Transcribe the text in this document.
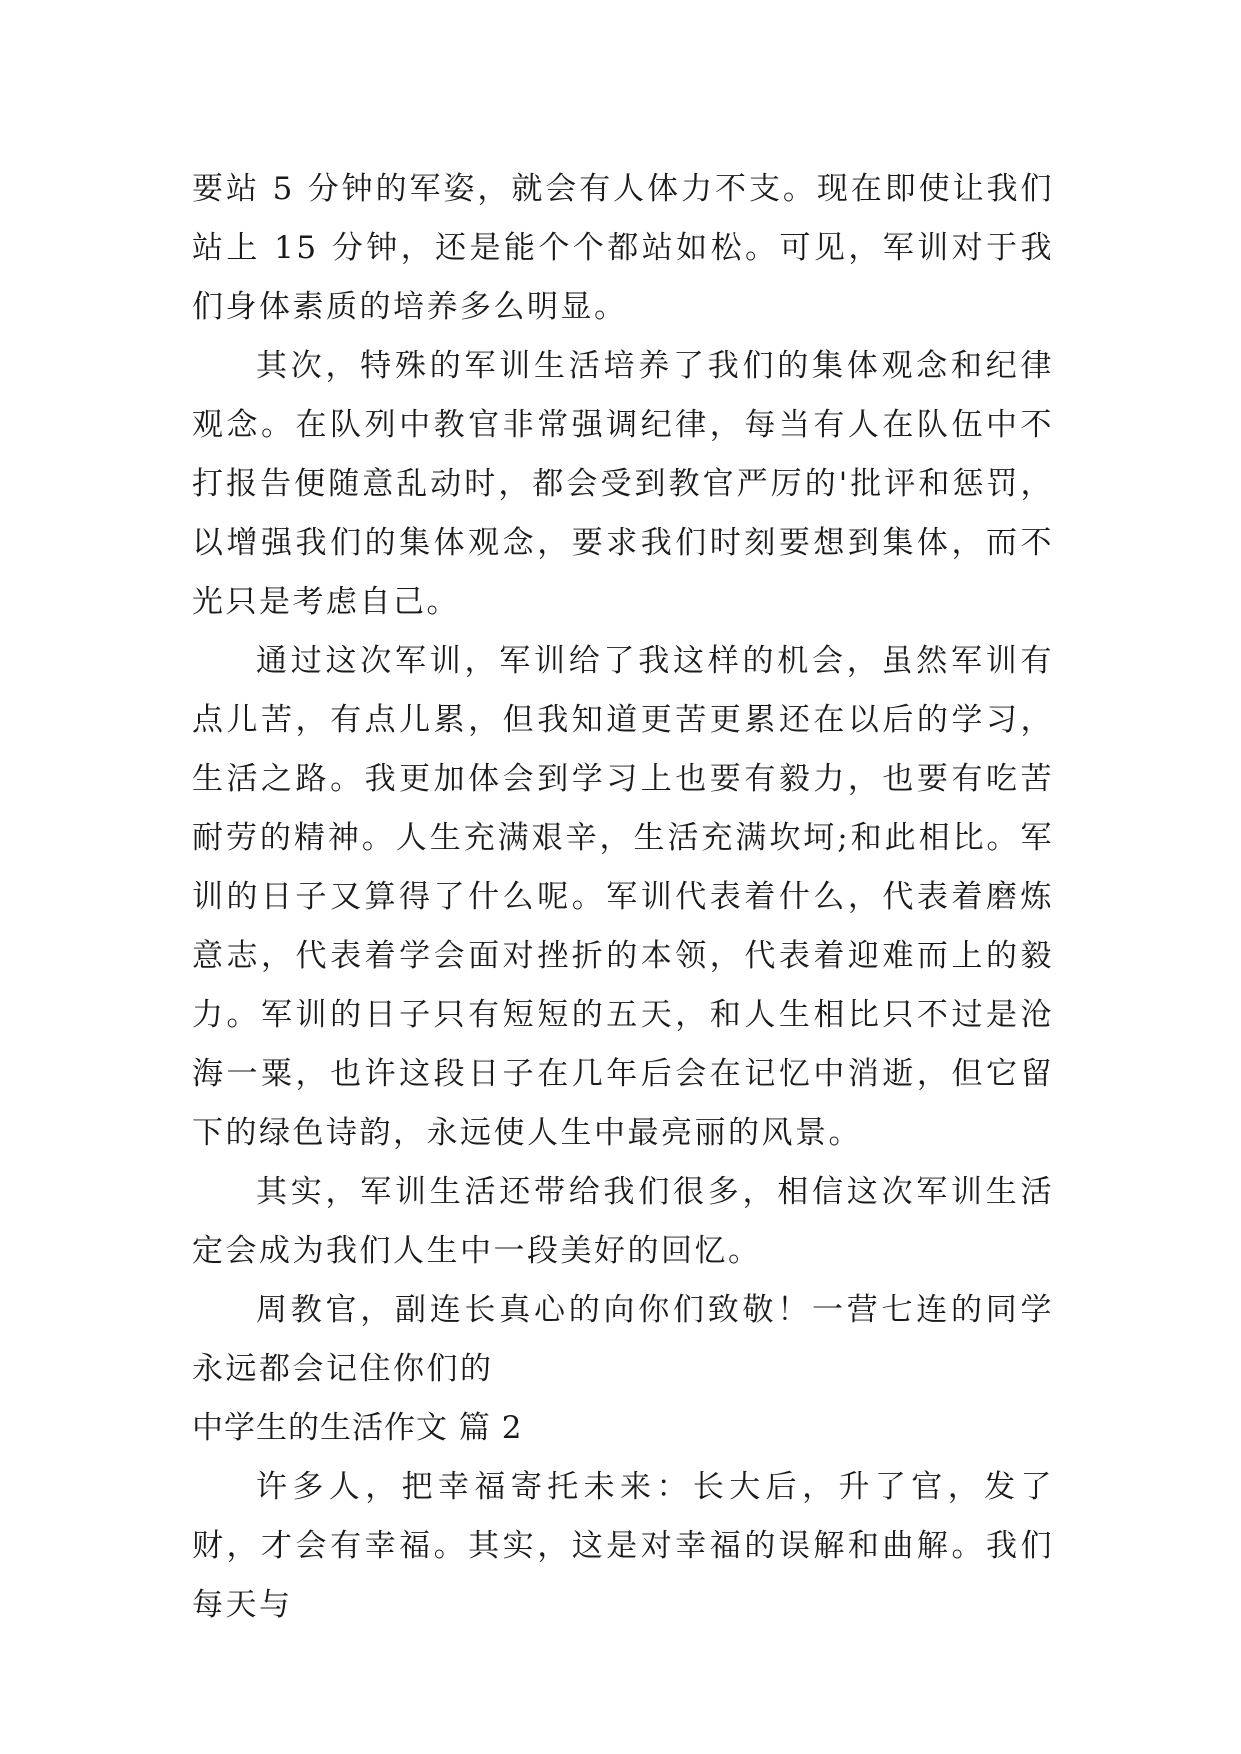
要站 5 分钟的军姿，就会有人体力不支。现在即使让我们站上 15 分钟，还是能个个都站如松。可见，军训对于我们身体素质的培养多么明显。

其次，特殊的军训生活培养了我们的集体观念和纪律观念。在队列中教官非常强调纪律，每当有人在队伍中不打报告便随意乱动时，都会受到教官严厉的'批评和惩罚，以增强我们的集体观念，要求我们时刻要想到集体，而不光只是考虑自己。

通过这次军训，军训给了我这样的机会，虽然军训有点儿苦，有点儿累，但我知道更苦更累还在以后的学习，生活之路。我更加体会到学习上也要有毅力，也要有吃苦耐劳的精神。人生充满艰辛，生活充满坎坷;和此相比。军训的日子又算得了什么呢。军训代表着什么，代表着磨炼意志，代表着学会面对挫折的本领，代表着迎难而上的毅力。军训的日子只有短短的五天，和人生相比只不过是沧海一粟，也许这段日子在几年后会在记忆中消逝，但它留下的绿色诗韵，永远使人生中最亮丽的风景。

其实，军训生活还带给我们很多，相信这次军训生活定会成为我们人生中一段美好的回忆。

周教官，副连长真心的向你们致敬！一营七连的同学永远都会记住你们的

中学生的生活作文 篇 2

许多人，把幸福寄托未来：长大后，升了官，发了财，才会有幸福。其实，这是对幸福的误解和曲解。我们每天与
